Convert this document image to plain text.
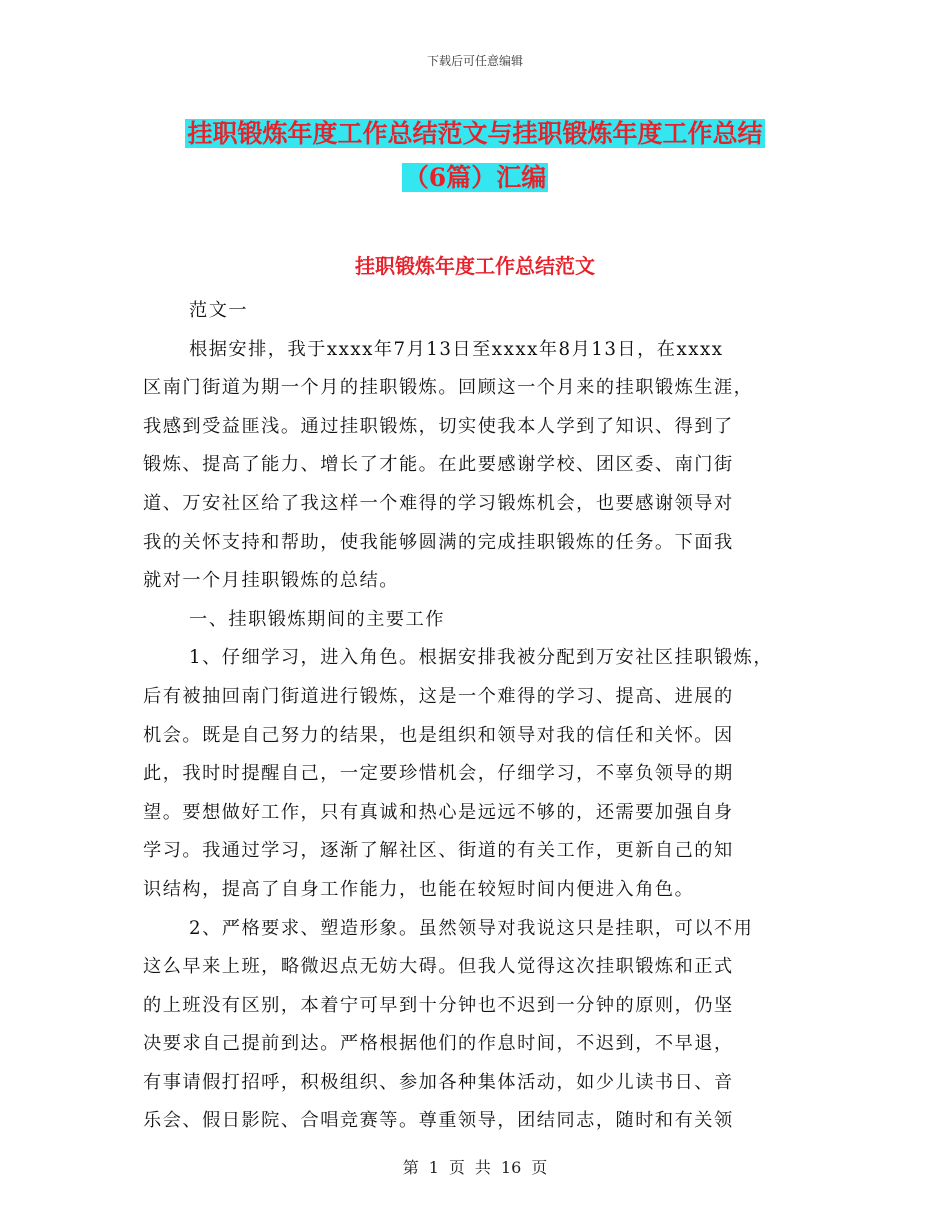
下载后可任意编辑
挂职锻炼年度工作总结范文与挂职锻炼年度工作总结
（6篇）汇编
挂职锻炼年度工作总结范文
范文一
根据安排，我于xxxx年7月13日至xxxx年8月13日，在xxxx
区南门街道为期一个月的挂职锻炼。回顾这一个月来的挂职锻炼生涯，
我感到受益匪浅。通过挂职锻炼，切实使我本人学到了知识、得到了
锻炼、提高了能力、增长了才能。在此要感谢学校、团区委、南门街
道、万安社区给了我这样一个难得的学习锻炼机会，也要感谢领导对
我的关怀支持和帮助，使我能够圆满的完成挂职锻炼的任务。下面我
就对一个月挂职锻炼的总结。
一、挂职锻炼期间的主要工作
1、仔细学习，进入角色。根据安排我被分配到万安社区挂职锻炼，
后有被抽回南门街道进行锻炼，这是一个难得的学习、提高、进展的
机会。既是自己努力的结果，也是组织和领导对我的信任和关怀。因
此，我时时提醒自己，一定要珍惜机会，仔细学习，不辜负领导的期
望。要想做好工作，只有真诚和热心是远远不够的，还需要加强自身
学习。我通过学习，逐渐了解社区、街道的有关工作，更新自己的知
识结构，提高了自身工作能力，也能在较短时间内便进入角色。
2、严格要求、塑造形象。虽然领导对我说这只是挂职，可以不用
这么早来上班，略微迟点无妨大碍。但我人觉得这次挂职锻炼和正式
的上班没有区别，本着宁可早到十分钟也不迟到一分钟的原则，仍坚
决要求自己提前到达。严格根据他们的作息时间，不迟到，不早退，
有事请假打招呼，积极组织、参加各种集体活动，如少儿读书日、音
乐会、假日影院、合唱竞赛等。尊重领导，团结同志，随时和有关领
第 1 页 共 16 页
